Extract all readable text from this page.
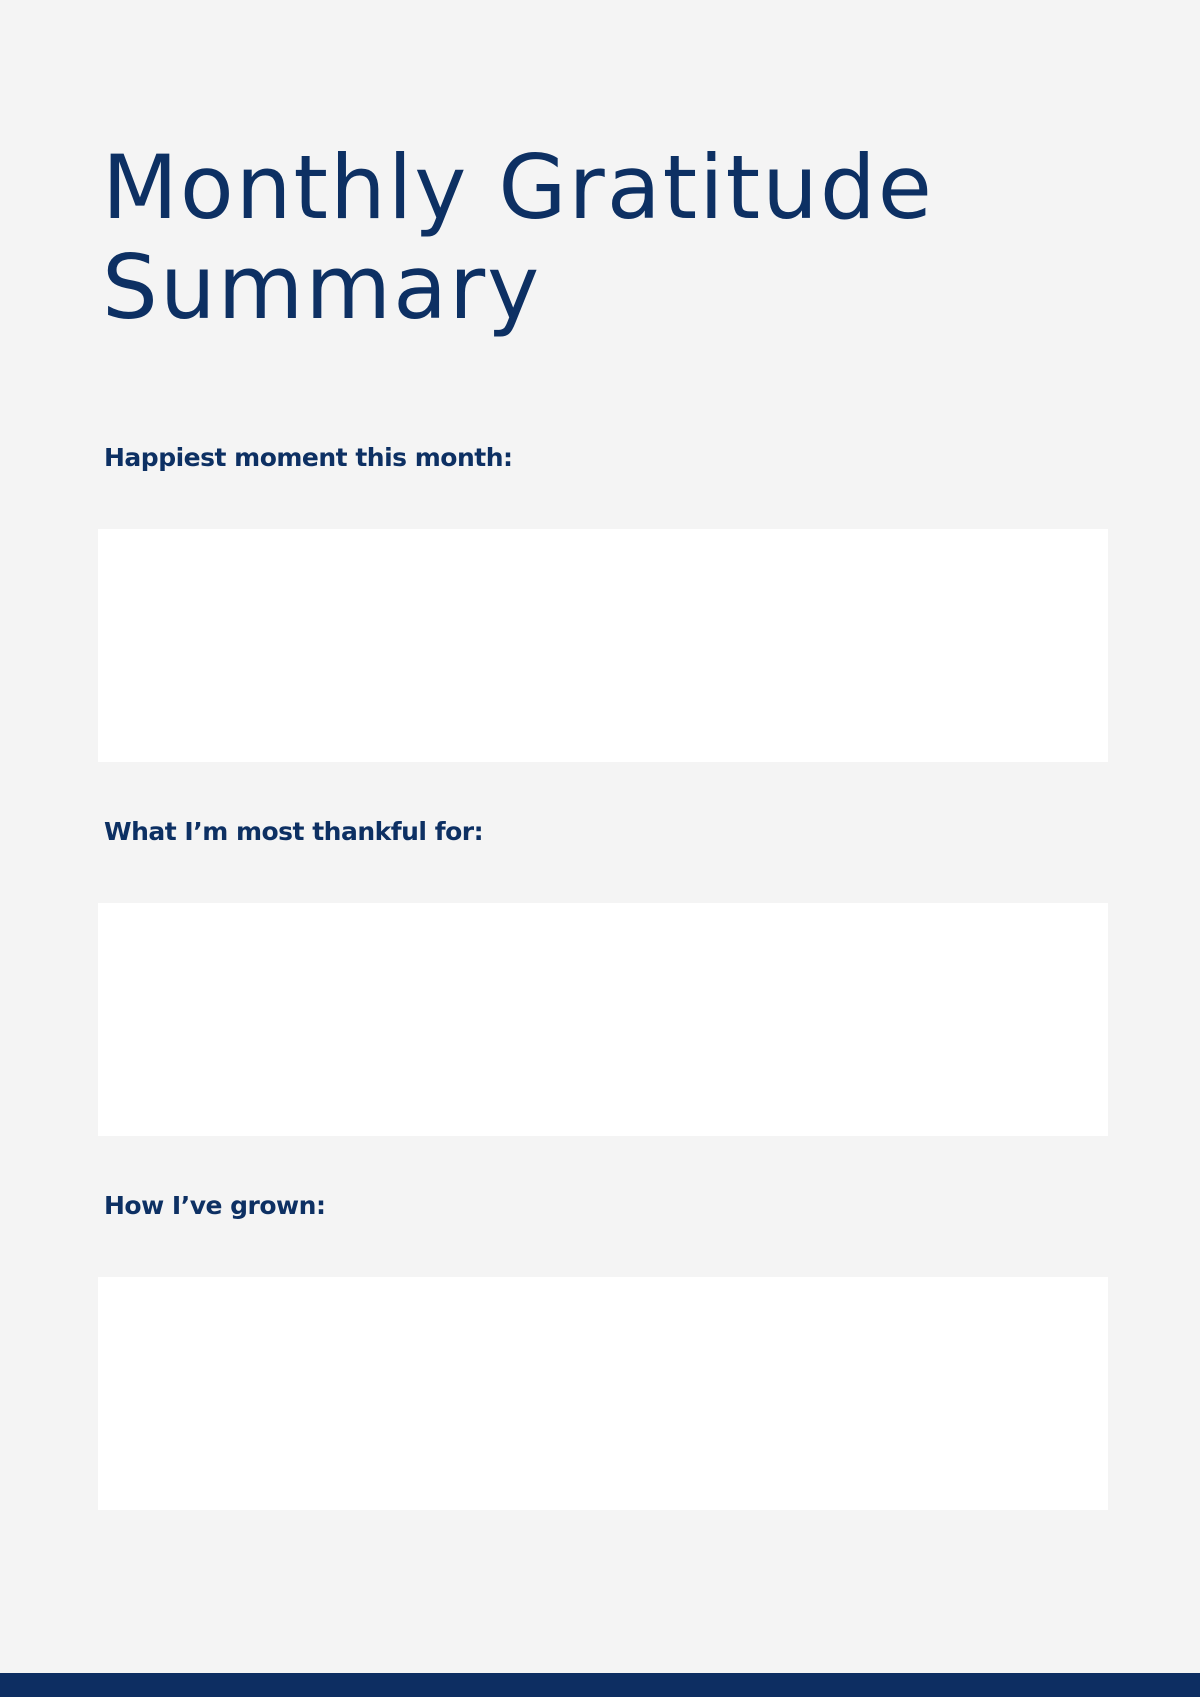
Monthly Gratitude
Summary
Happiest moment this month:
What I’m most thankful for:
How I’ve grown:
